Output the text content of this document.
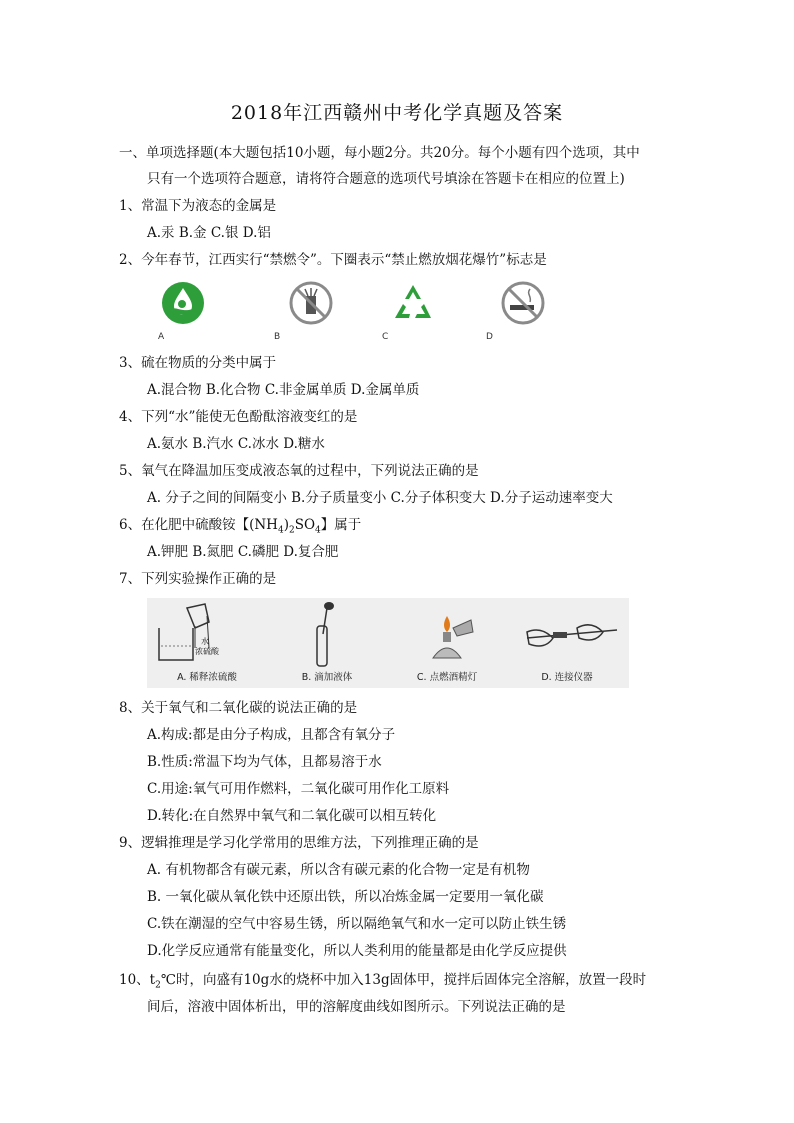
2018年江西赣州中考化学真题及答案
一、单项选择题(本大题包括10小题，每小题2分。共20分。每个小题有四个选项，其中
只有一个选项符合题意，请将符合题意的选项代号填涂在答题卡在相应的位置上)
1、常温下为液态的金属是
A.汞 B.金 C.银 D.铝
2、今年春节，江西实行“禁燃令”。下圈表示“禁止燃放烟花爆竹”标志是
A	B	C	D
3、硫在物质的分类中属于
A.混合物 B.化合物 C.非金属单质 D.金属单质
4、下列“水”能使无色酚酞溶液变红的是
A.氨水 B.汽水 C.冰水 D.糖水
5、氧气在降温加压变成液态氧的过程中，下列说法正确的是
A. 分子之间的间隔变小 B.分子质量变小 C.分子体积变大 D.分子运动速率变大
6、在化肥中硫酸铵【$(NH_4)_2SO_4$】属于
A.钾肥 B.氮肥 C.磷肥 D.复合肥
7、下列实验操作正确的是
水
浓硫酸
A. 稀释浓硫酸	B. 滴加液体	C. 点燃酒精灯	D. 连接仪器
8、关于氧气和二氧化碳的说法正确的是
A.构成:都是由分子构成，且都含有氧分子
B.性质:常温下均为气体，且都易溶于水
C.用途:氧气可用作燃料，二氧化碳可用作化工原料
D.转化:在自然界中氧气和二氧化碳可以相互转化
9、逻辑推理是学习化学常用的思维方法，下列推理正确的是
A. 有机物都含有碳元素，所以含有碳元素的化合物一定是有机物
B. 一氧化碳从氧化铁中还原出铁，所以冶炼金属一定要用一氧化碳
C.铁在潮湿的空气中容易生锈，所以隔绝氧气和水一定可以防止铁生锈
D.化学反应通常有能量变化，所以人类利用的能量都是由化学反应提供
10、$t_2℃$时，向盛有10g水的烧杯中加入13g固体甲，搅拌后固体完全溶解，放置一段时
间后，溶液中固体析出，甲的溶解度曲线如图所示。下列说法正确的是
